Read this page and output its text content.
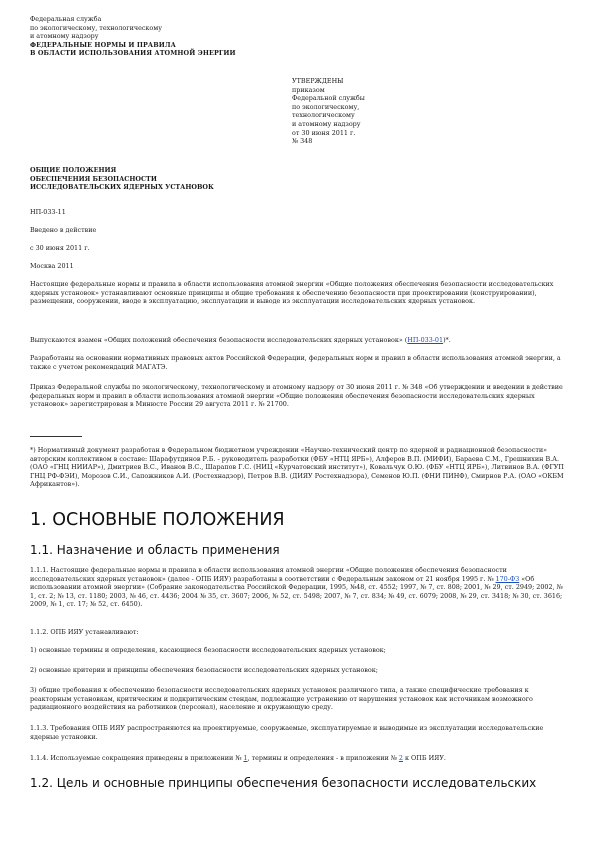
Федеральная служба
по экологическому, технологическому
и атомному надзору
ФЕДЕРАЛЬНЫЕ НОРМЫ И ПРАВИЛА
В ОБЛАСТИ ИСПОЛЬЗОВАНИЯ АТОМНОЙ ЭНЕРГИИ
УТВЕРЖДЕНЫ
приказом
Федеральной службы
по экологическому,
технологическому
и атомному надзору
от 30 июня 2011 г.
№ 348
ОБЩИЕ ПОЛОЖЕНИЯ
ОБЕСПЕЧЕНИЯ БЕЗОПАСНОСТИ
ИССЛЕДОВАТЕЛЬСКИХ ЯДЕРНЫХ УСТАНОВОК
НП-033-11
Введено в действие
с 30 июня 2011 г.
Москва 2011

Настоящие федеральные нормы и правила в области использования атомной энергии «Общие положения обеспечения безопасности исследовательских ядерных установок» устанавливают основные принципы и общие требования к обеспечению безопасности при проектировании (конструировании), размещении, сооружении, вводе в эксплуатацию, эксплуатации и выводе из эксплуатации исследовательских ядерных установок.

Выпускаются взамен «Общих положений обеспечения безопасности исследовательских ядерных установок» (НП-033-01)*.

Разработаны на основании нормативных правовых актов Российской Федерации, федеральных норм и правил в области использования атомной энергии, а также с учетом рекомендаций МАГАТЭ.

Приказ Федеральной службы по экологическому, технологическому и атомному надзору от 30 июня 2011 г. № 348 «Об утверждении и введении в действие федеральных норм и правил в области использования атомной энергии «Общие положения обеспечения безопасности исследовательских ядерных установок» зарегистрирован в Минюсте России 29 августа 2011 г. № 21700.

*) Нормативный документ разработан в Федеральном бюджетном учреждении «Научно-технический центр по ядерной и радиационной безопасности» авторским коллективом в составе: Шарафутдинов Р.Б. - руководитель разработки (ФБУ «НТЦ ЯРБ»), Алферов В.П. (МИФИ), Бараева С.М., Грешнихин В.А. (ОАО «ГНЦ НИИАР»), Дмитриев В.С., Иванов В.С., Шарапов Г.С. (НИЦ «Курчатовский институт»), Ковальчук О.Ю. (ФБУ «НТЦ ЯРБ»), Литвинов В.А. (ФГУП ГНЦ РФ-ФЭИ), Морозов С.И., Сапожников А.И. (Ростехнадзор), Петров В.В. (ДИЯУ Ростехнадзора), Семенов Ю.П. (ФНИ ПИНФ), Смирнов Р.А. (ОАО «ОКБМ Африкантов»).

1. ОСНОВНЫЕ ПОЛОЖЕНИЯ
1.1. Назначение и область применения

1.1.1. Настоящие федеральные нормы и правила в области использования атомной энергии «Общие положения обеспечения безопасности исследовательских ядерных установок» (далее - ОПБ ИЯУ) разработаны в соответствии с Федеральным законом от 21 ноября 1995 г. № 170-ФЗ «Об использовании атомной энергии» (Собрание законодательства Российской Федерации, 1995, №48, ст. 4552; 1997, № 7, ст. 808; 2001, № 29, ст. 2949; 2002, № 1, ст. 2; № 13, ст. 1180; 2003, № 46, ст. 4436; 2004 № 35, ст. 3607; 2006, № 52, ст. 5498; 2007, № 7, ст. 834; № 49, ст. 6079; 2008, № 29, ст. 3418; № 30, ст. 3616; 2009, № 1, ст. 17; № 52, ст. 6450).

1.1.2. ОПБ ИЯУ устанавливают:

1) основные термины и определения, касающиеся безопасности исследовательских ядерных установок;

2) основные критерии и принципы обеспечения безопасности исследовательских ядерных установок;

3) общие требования к обеспечению безопасности исследовательских ядерных установок различного типа, а также специфические требования к реакторным установкам, критическим и подкритическим стендам, подлежащие устранению от нарушения установок как источникам возможного радиационного воздействия на работников (персонал), население и окружающую среду.

1.1.3. Требования ОПБ ИЯУ распространяются на проектируемые, сооружаемые, эксплуатируемые и выводимые из эксплуатации исследовательские ядерные установки.

1.1.4. Используемые сокращения приведены в приложении № 1, термины и определения - в приложении № 2 к ОПБ ИЯУ.

1.2. Цель и основные принципы обеспечения безопасности исследовательских
